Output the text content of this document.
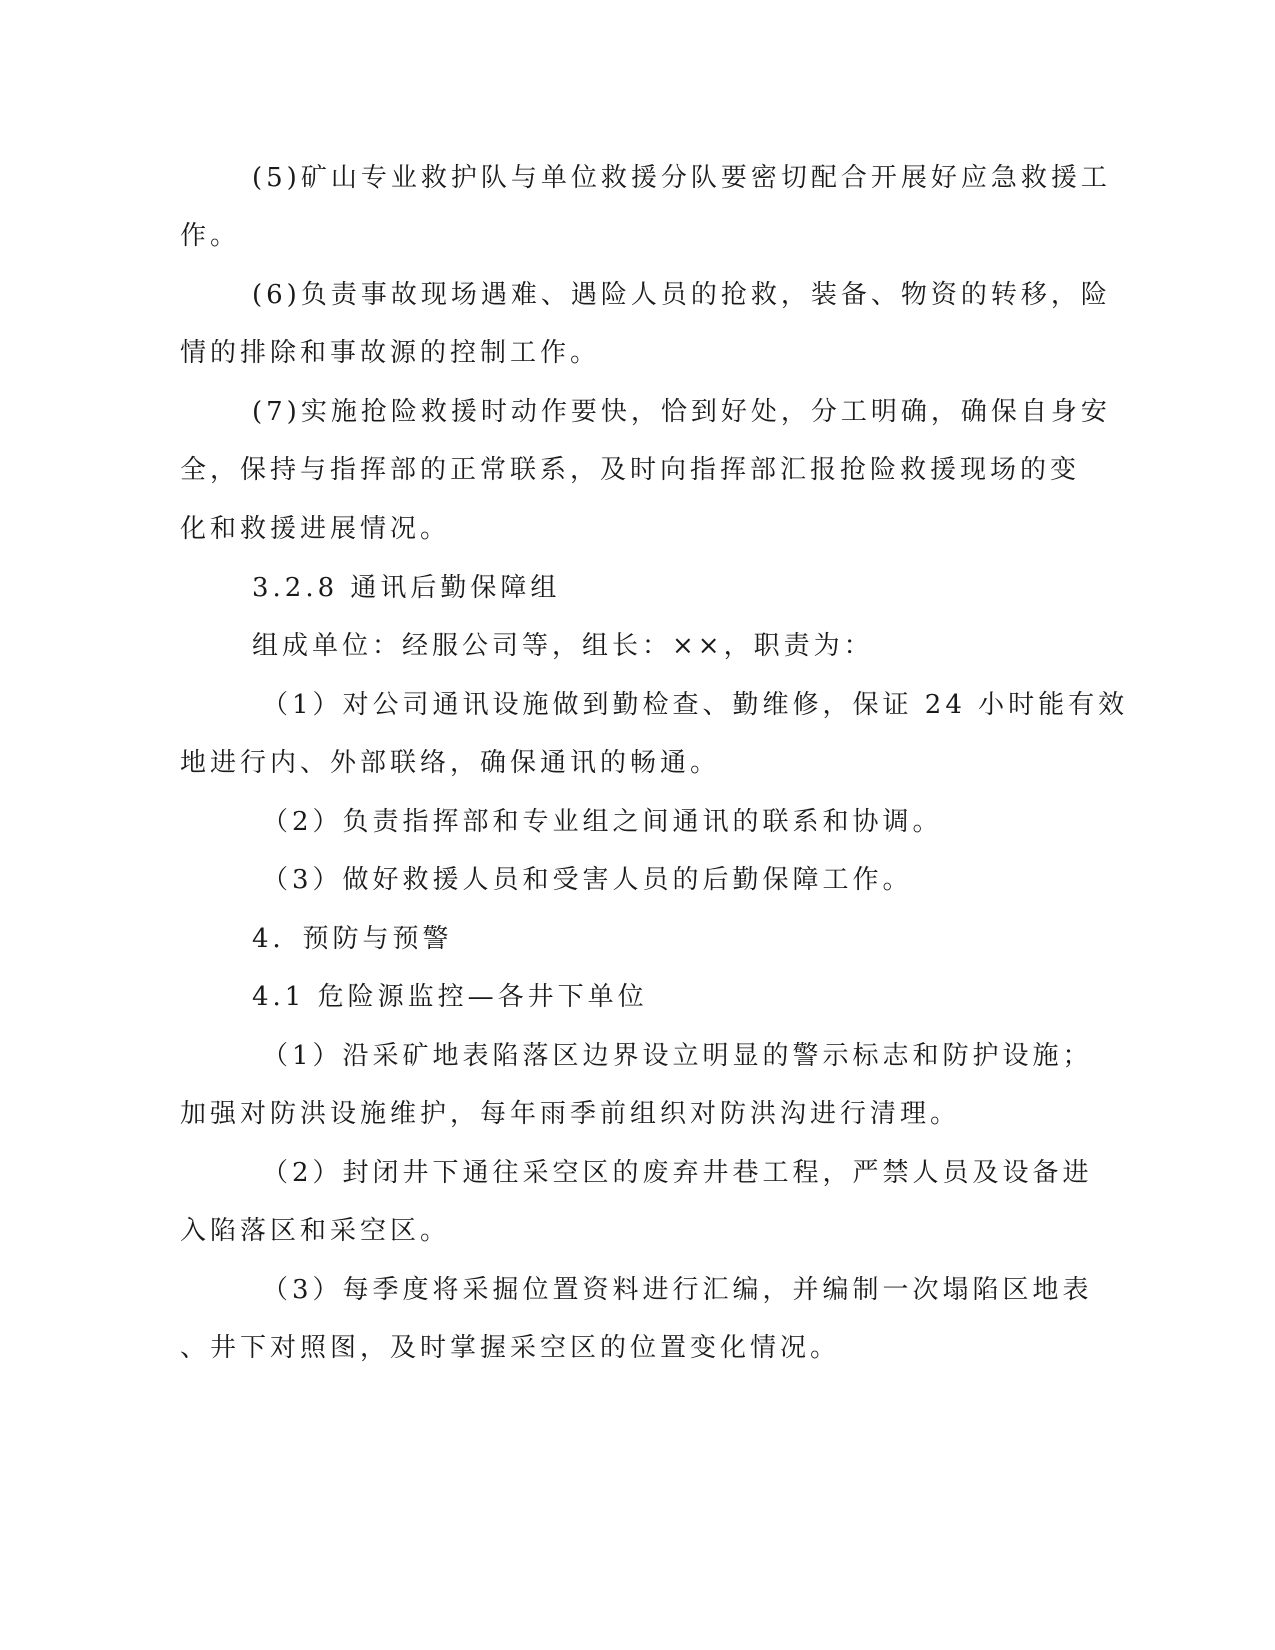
(5)矿山专业救护队与单位救援分队要密切配合开展好应急救援工
作。
(6)负责事故现场遇难、遇险人员的抢救，装备、物资的转移，险
情的排除和事故源的控制工作。
(7)实施抢险救援时动作要快，恰到好处，分工明确，确保自身安
全，保持与指挥部的正常联系，及时向指挥部汇报抢险救援现场的变
化和救援进展情况。
3.2.8 通讯后勤保障组
组成单位：经服公司等，组长：××，职责为：
（1）对公司通讯设施做到勤检查、勤维修，保证 24 小时能有效
地进行内、外部联络，确保通讯的畅通。
（2）负责指挥部和专业组之间通讯的联系和协调。
（3）做好救援人员和受害人员的后勤保障工作。
4．预防与预警
4.1 危险源监控—各井下单位
（1）沿采矿地表陷落区边界设立明显的警示标志和防护设施；
加强对防洪设施维护，每年雨季前组织对防洪沟进行清理。
（2）封闭井下通往采空区的废弃井巷工程，严禁人员及设备进
入陷落区和采空区。
（3）每季度将采掘位置资料进行汇编，并编制一次塌陷区地表
、井下对照图，及时掌握采空区的位置变化情况。
